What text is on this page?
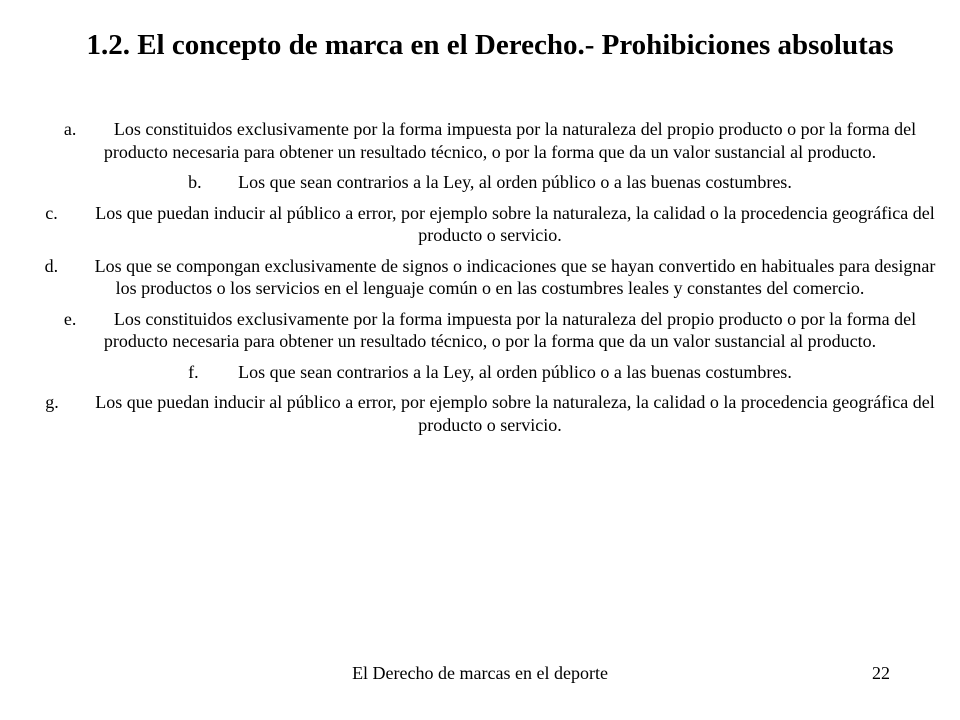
1.2. El concepto de marca en el Derecho.- Prohibiciones absolutas
a. Los constituidos exclusivamente por la forma impuesta por la naturaleza del propio producto o por la forma del producto necesaria para obtener un resultado técnico, o por la forma que da un valor sustancial al producto.
b. Los que sean contrarios a la Ley, al orden público o a las buenas costumbres.
c. Los que puedan inducir al público a error, por ejemplo sobre la naturaleza, la calidad o la procedencia geográfica del producto o servicio.
d. Los que se compongan exclusivamente de signos o indicaciones que se hayan convertido en habituales para designar los productos o los servicios en el lenguaje común o en las costumbres leales y constantes del comercio.
e. Los constituidos exclusivamente por la forma impuesta por la naturaleza del propio producto o por la forma del producto necesaria para obtener un resultado técnico, o por la forma que da un valor sustancial al producto.
f. Los que sean contrarios a la Ley, al orden público o a las buenas costumbres.
g. Los que puedan inducir al público a error, por ejemplo sobre la naturaleza, la calidad o la procedencia geográfica del producto o servicio.
El Derecho de marcas en el deporte	22
